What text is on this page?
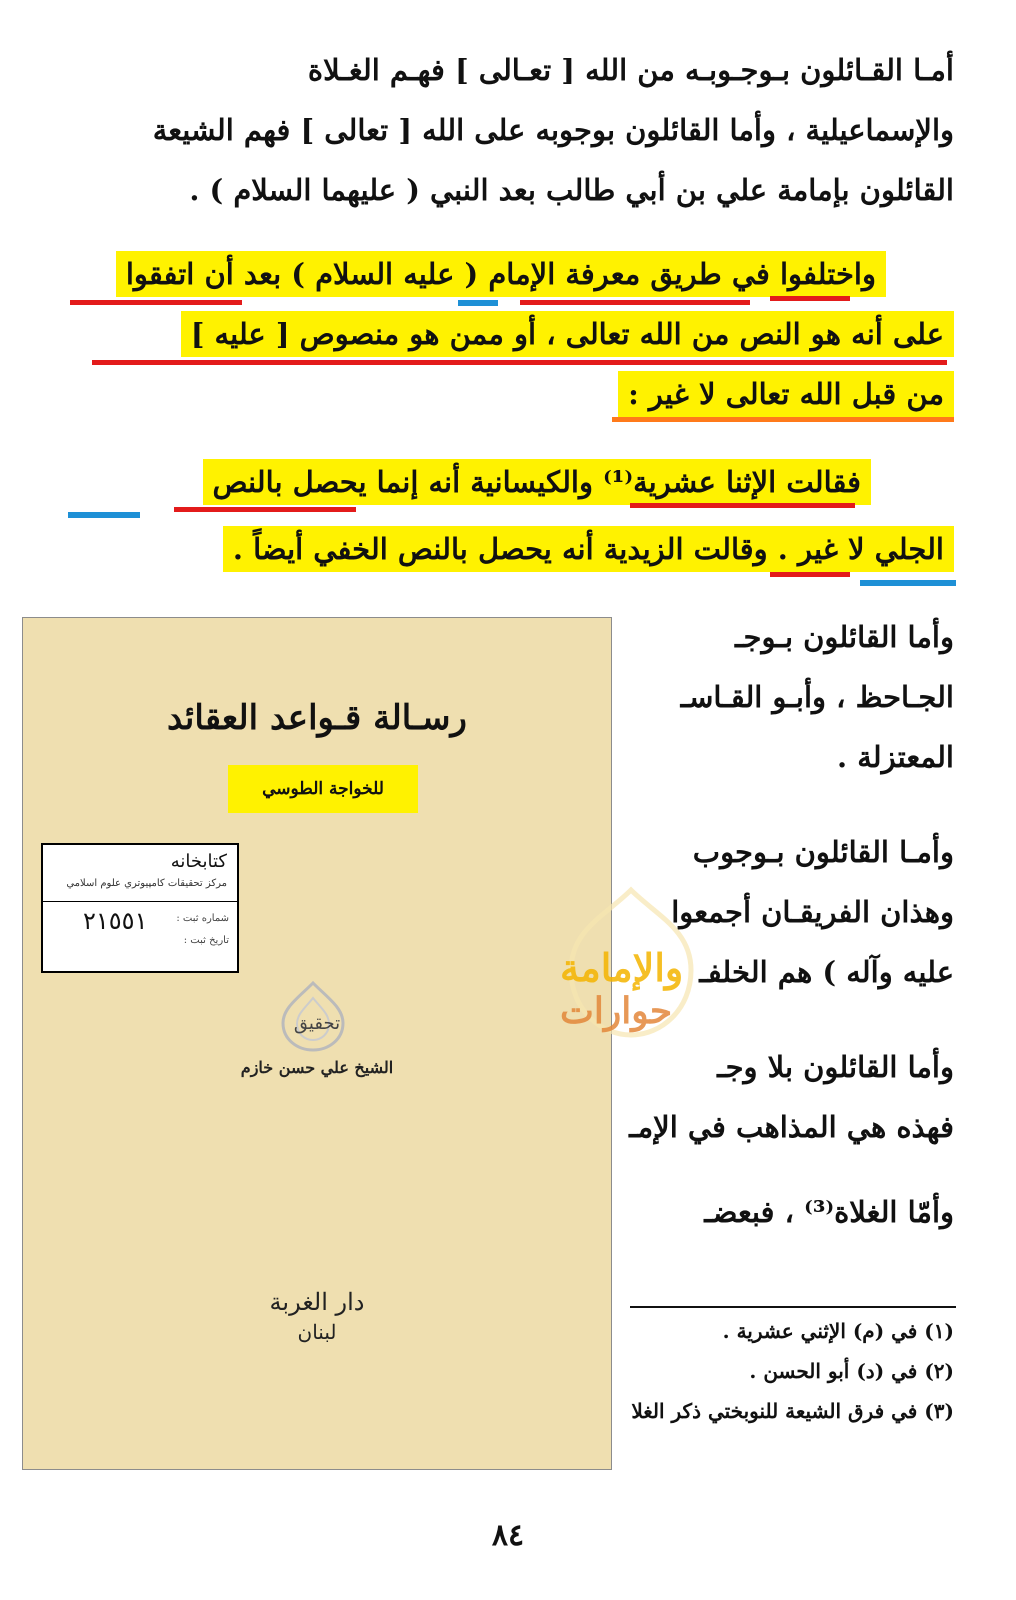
أمـا القـائلون بـوجـوبـه من الله [ تعـالى ] فهـم الغـلاة
والإسماعيلية ، وأما القائلون بوجوبه على الله [ تعالى ] فهم الشيعة
القائلون بإمامة علي بن أبي طالب بعد النبي ( عليهما السلام ) .
واختلفوا في طريق معرفة الإمام ( عليه السلام ) بعد أن اتفقوا
على أنه هو النص من الله تعالى ، أو ممن هو منصوص [ عليه ]
من قبل الله تعالى لا غير :
فقالت الإثنا عشرية⁽¹⁾ والكيسانية أنه إنما يحصل بالنص
الجلي لا غير . وقالت الزيدية أنه يحصل بالنص الخفي أيضاً .
وأما القائلون بـوجـ
الجـاحظ ، وأبـو القـاسـ
المعتزلة .
وأمـا القائلون بـوجوب
وهذان الفريقـان أجمعوا
عليه وآله ) هم الخلفـ
وأما القائلون بلا وجـ
فهذه هي المذاهب في الإمـ
وأمّا الغلاة⁽³⁾ ، فبعضـ
(١) في (م) الإثني عشرية .
(٢) في (د) أبو الحسن .
(٣) في فرق الشيعة للنوبختي ذكر الغلا
رسـالة قـواعد العقائد
للخواجة الطوسي
كتابخانه
مركز تحقيقات كامپيوتري علوم اسلامي
٢١٥٥١	شماره ثبت :
تاريخ ثبت :
تحقيق
الشيخ علي حسن خازم
دار الغربة
لبنان
والإمامة
حوارات
٨٤
